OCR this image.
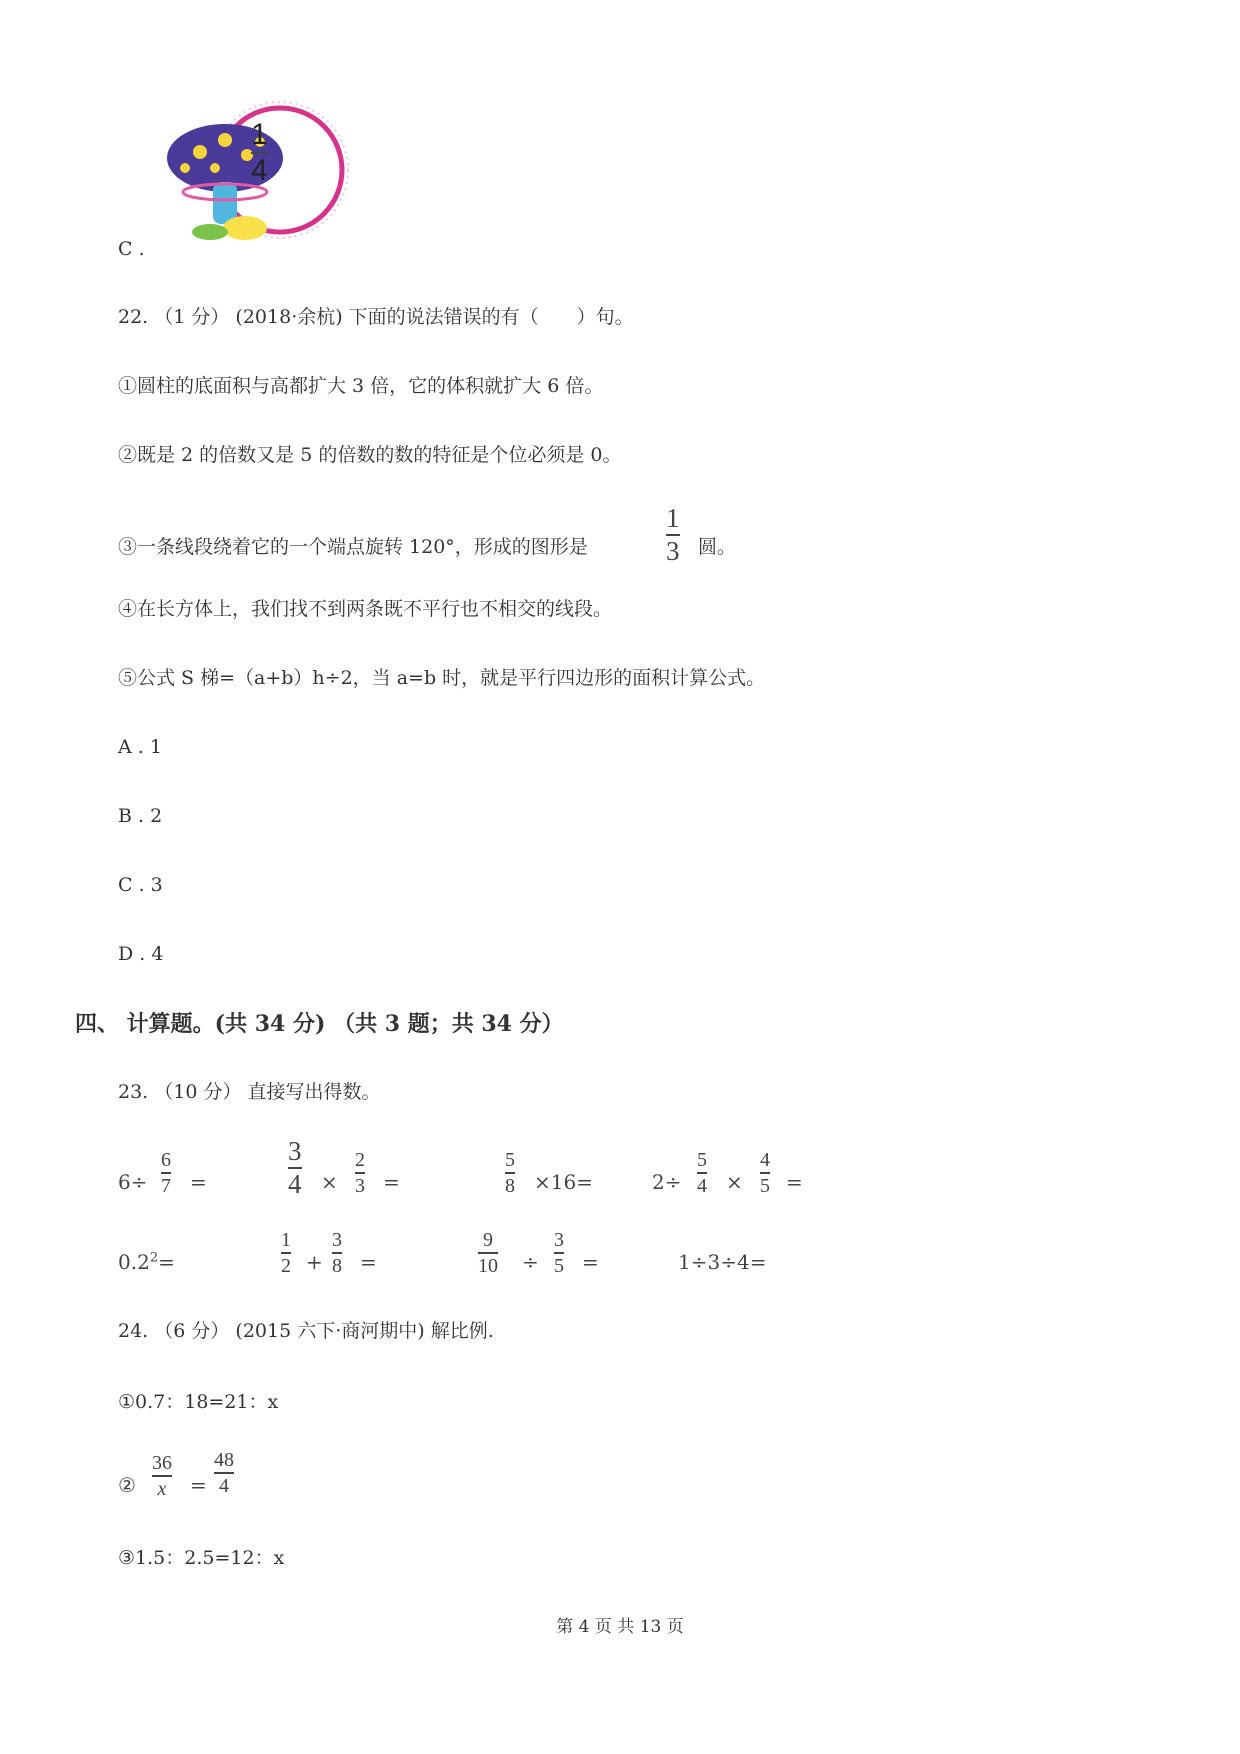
1
4
C .
22. （1 分） (2018·余杭) 下面的说法错误的有（　　）句。
①圆柱的底面积与高都扩大 3 倍，它的体积就扩大 6 倍。
②既是 2 的倍数又是 5 的倍数的数的特征是个位必须是 0。
③一条线段绕着它的一个端点旋转 120°，形成的图形是
1
3 圆。
④在长方体上，我们找不到两条既不平行也不相交的线段。
⑤公式 S 梯=（a+b）h÷2，当 a=b 时，就是平行四边形的面积计算公式。
A . 1
B . 2
C . 3
D . 4
四、 计算题。(共 34 分) （共 3 题；共 34 分）
23. （10 分） 直接写出得数。
6÷
6
7 =
3
4 ×
2
3 =
5
8 ×16=	2÷
5
4 ×
4
5 =
$0.2^2=$
1
2 +
3
8 =
9
10 ÷
3
5 =	1÷3÷4=
24. （6 分） (2015 六下·商河期中) 解比例.
①0.7：18=21：x
②
36
x =
48
4
③1.5：2.5=12：x
第 4 页 共 13 页
